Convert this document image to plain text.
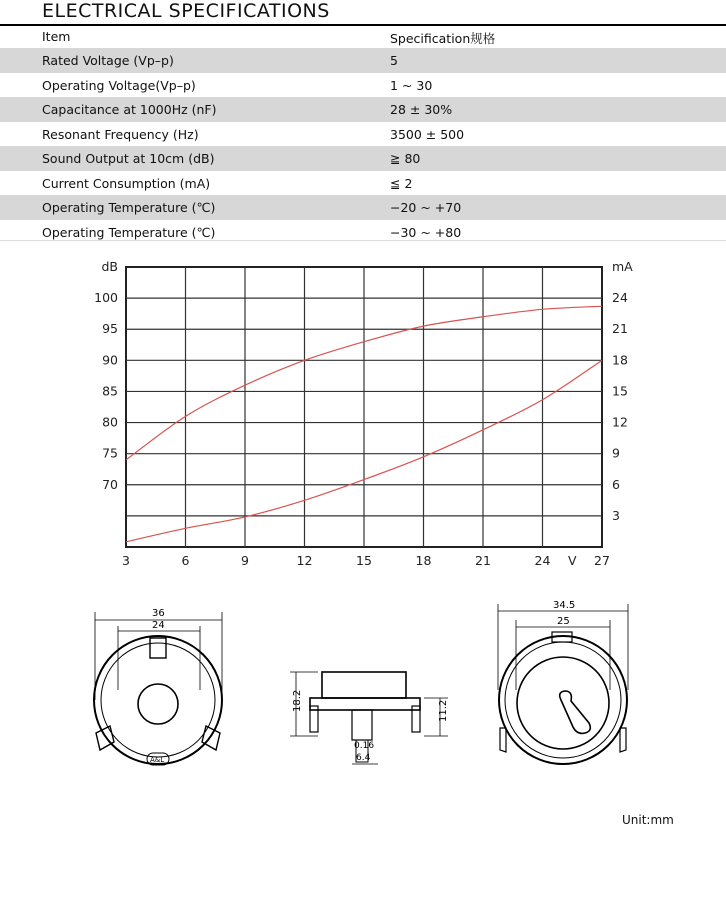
ELECTRICAL SPECIFICATIONS
Item	Specification规格
Rated Voltage (Vp–p)	5
Operating Voltage(Vp–p)	1 ~ 30
Capacitance at 1000Hz (nF)	28 ± 30%
Resonant Frequency (Hz)	3500 ± 500
Sound Output at 10cm (dB)	≧ 80
Current Consumption (mA)	≦ 2
Operating Temperature (℃)	−20 ~ +70
Operating Temperature (℃)	−30 ~ +80
3	6	9	12	15	18	21	24	27
V
dB
100
95
90
85
80
75
70
mA
24
21
18
15
12
9
6
3
36
24
A&L
18.2	11.2
0.16
6.4
34.5
25
Unit:mm
